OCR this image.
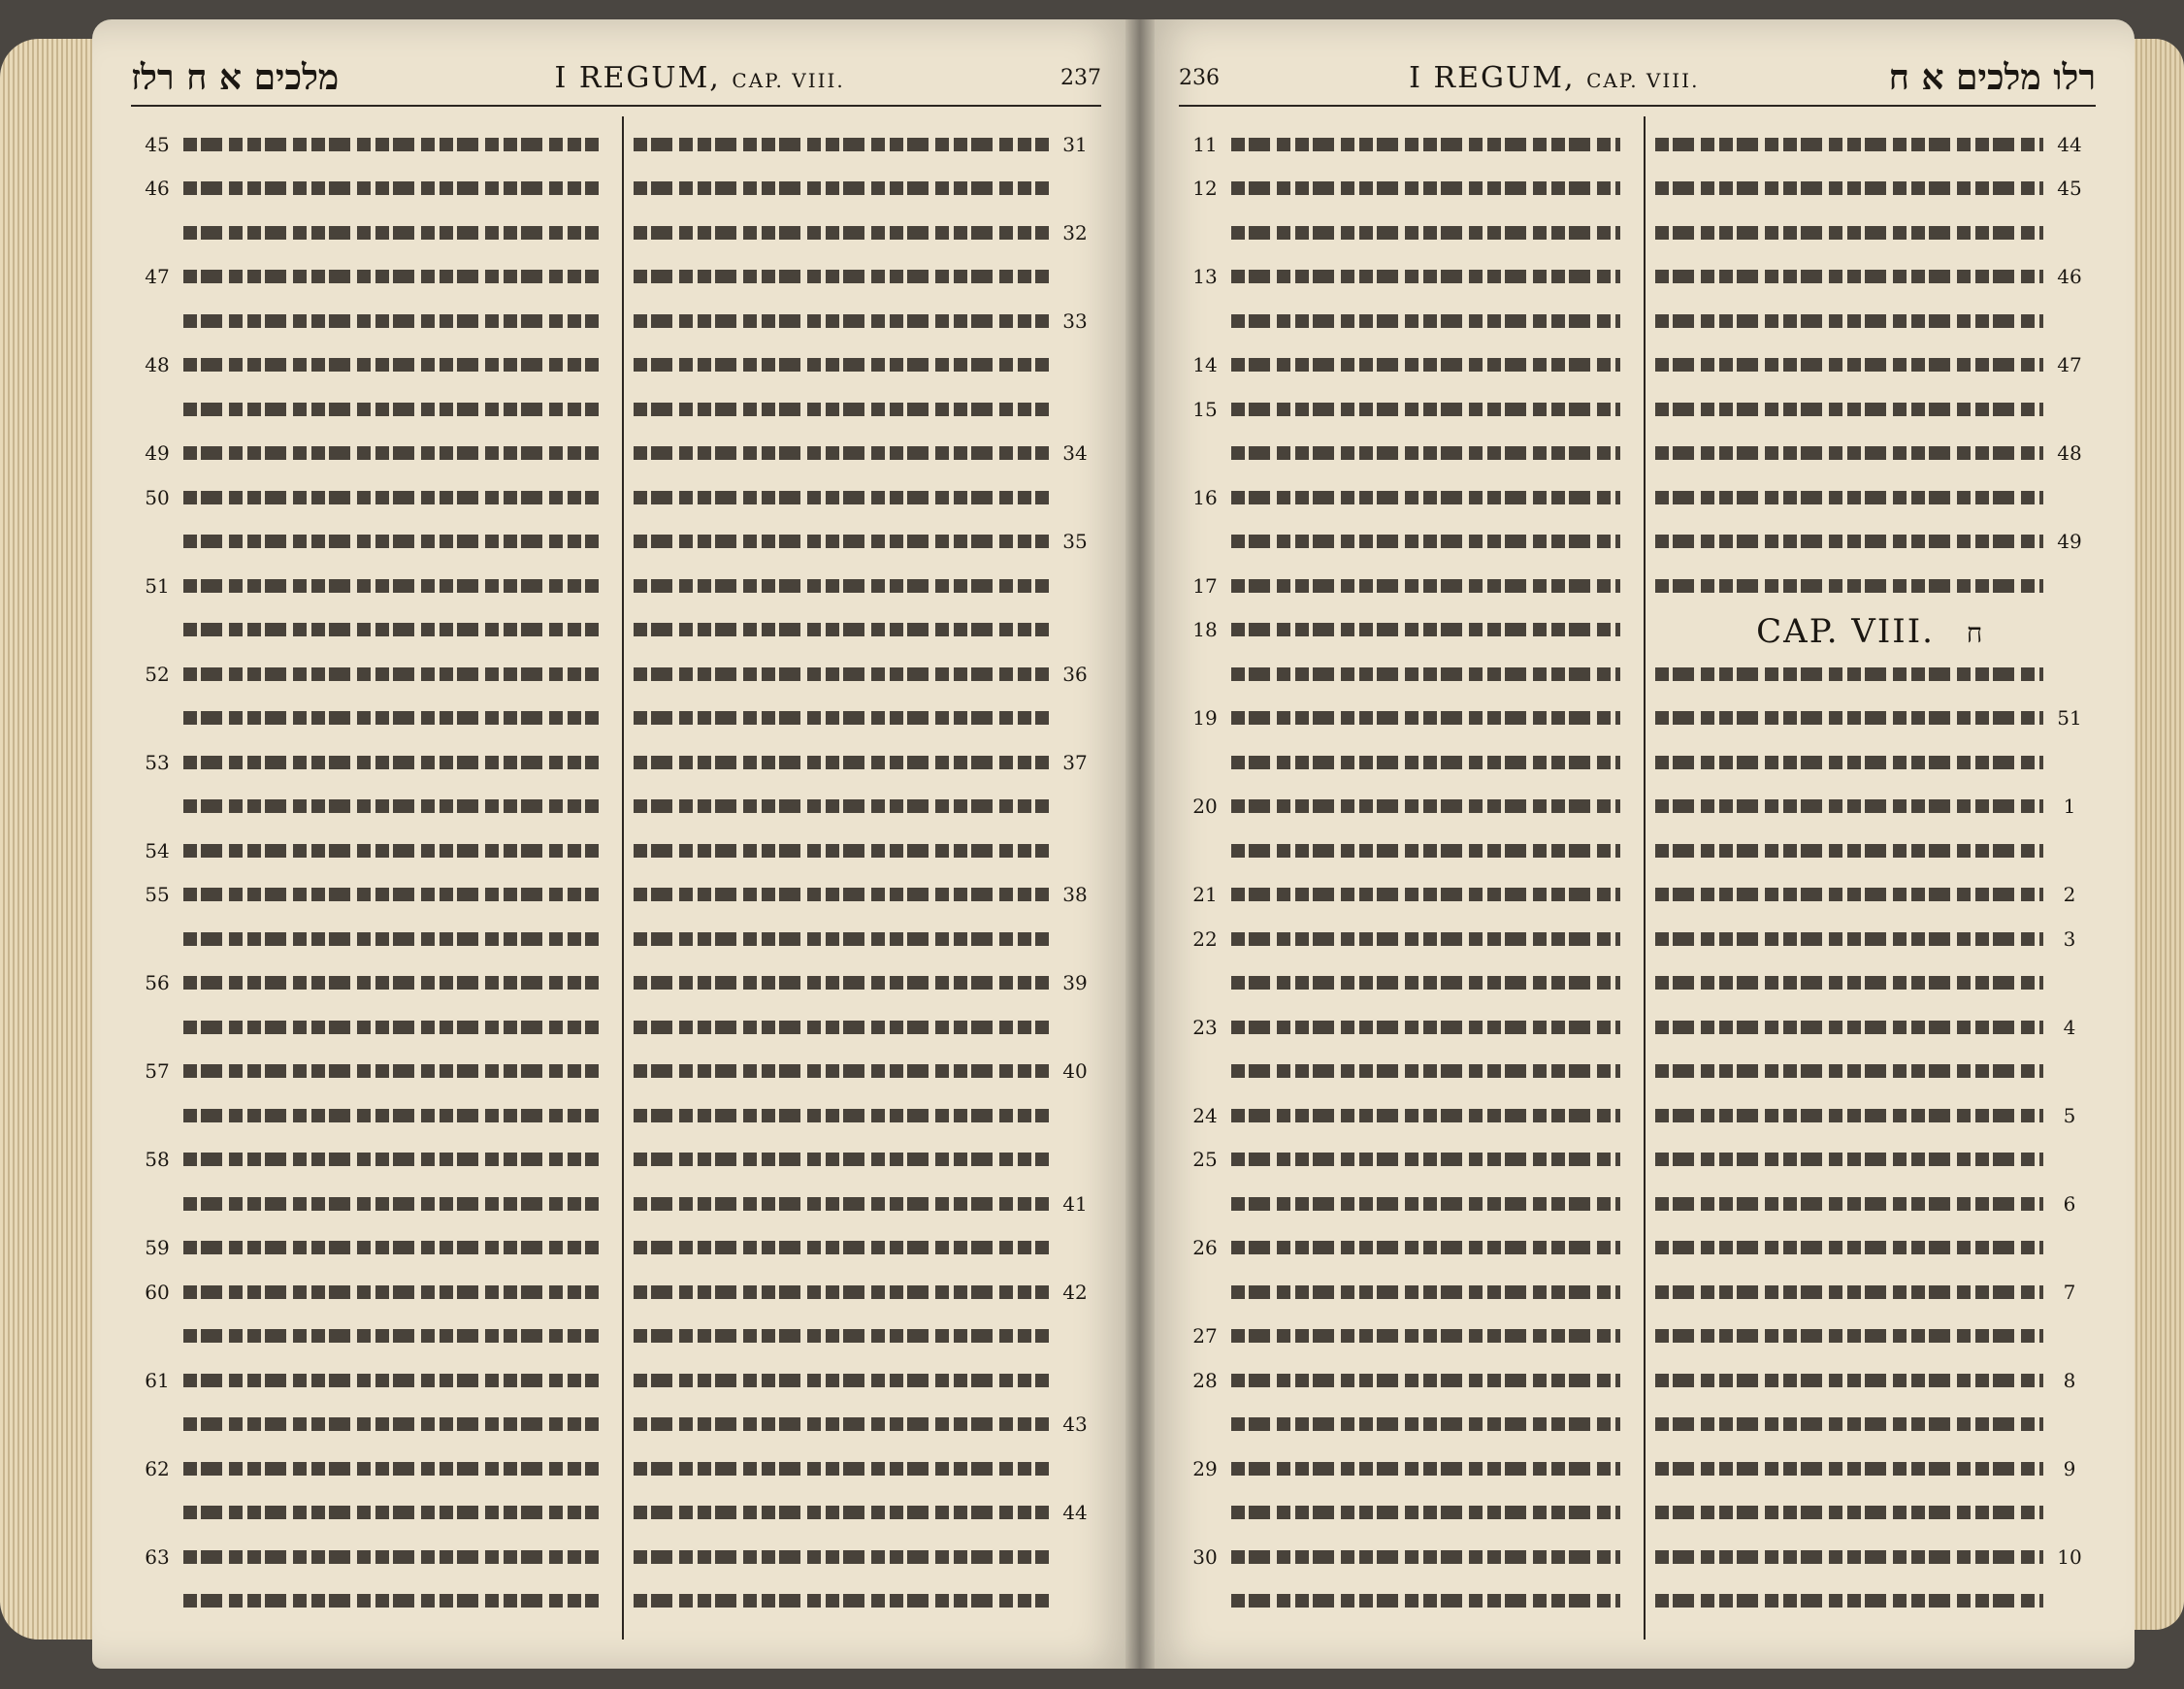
מלכים א ח רלז	I REGUM, CAP. VIII.	237
45
46
47
48
49
50
51
52
53
54
55
56
57
58
59
60
61
62
63
31
32
33
34
35
36
37
38
39
40
41
42
43
44
236	I REGUM, CAP. VIII.	רלו מלכים א ח
11
12
13
14
15
16
17
18
19
20
21
22
23
24
25
26
27
28
29
30
44
45
46
47
48
49
51
1
2
3
4
5
6
7
8
9
10
CAP. VIII. ח
